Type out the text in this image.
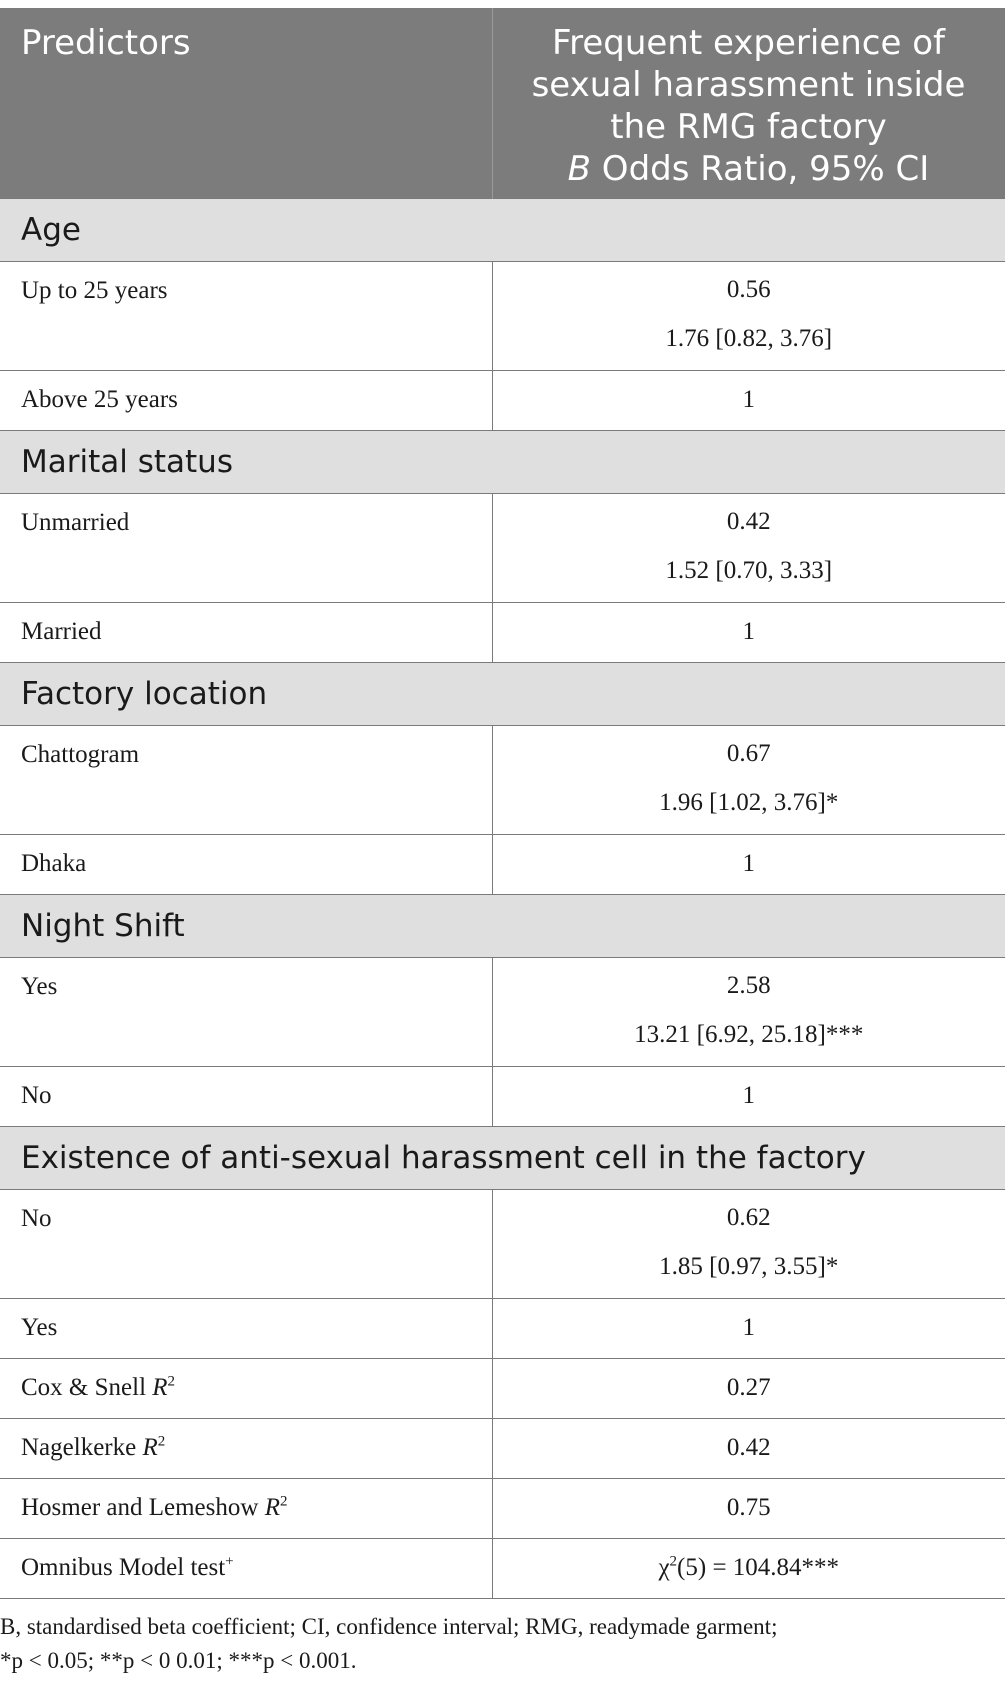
Predictors	Frequent experience of
sexual harassment inside
the RMG factory
B Odds Ratio, 95% CI

Age	
Up to 25 years	0.56
1.76 [0.82, 3.76]

Above 25 years	1
Marital status	
Unmarried	0.42
1.52 [0.70, 3.33]

Married	1
Factory location	
Chattogram	0.67
1.96 [1.02, 3.76]*

Dhaka	1
Night Shift	
Yes	2.58
13.21 [6.92, 25.18]***

No	1
Existence of anti-sexual harassment cell in the factory	
No	0.62
1.85 [0.97, 3.55]*

Yes	1
Cox & Snell $R^2$	0.27
Nagelkerke $R^2$	0.42
Hosmer and Lemeshow $R^2$	0.75
Omnibus Model test+	$\chi^2(5) = 104.84***$
B, standardised beta coefficient; CI, confidence interval; RMG, readymade garment;
*p < 0.05; **p < 0 0.01; ***p < 0.001.
